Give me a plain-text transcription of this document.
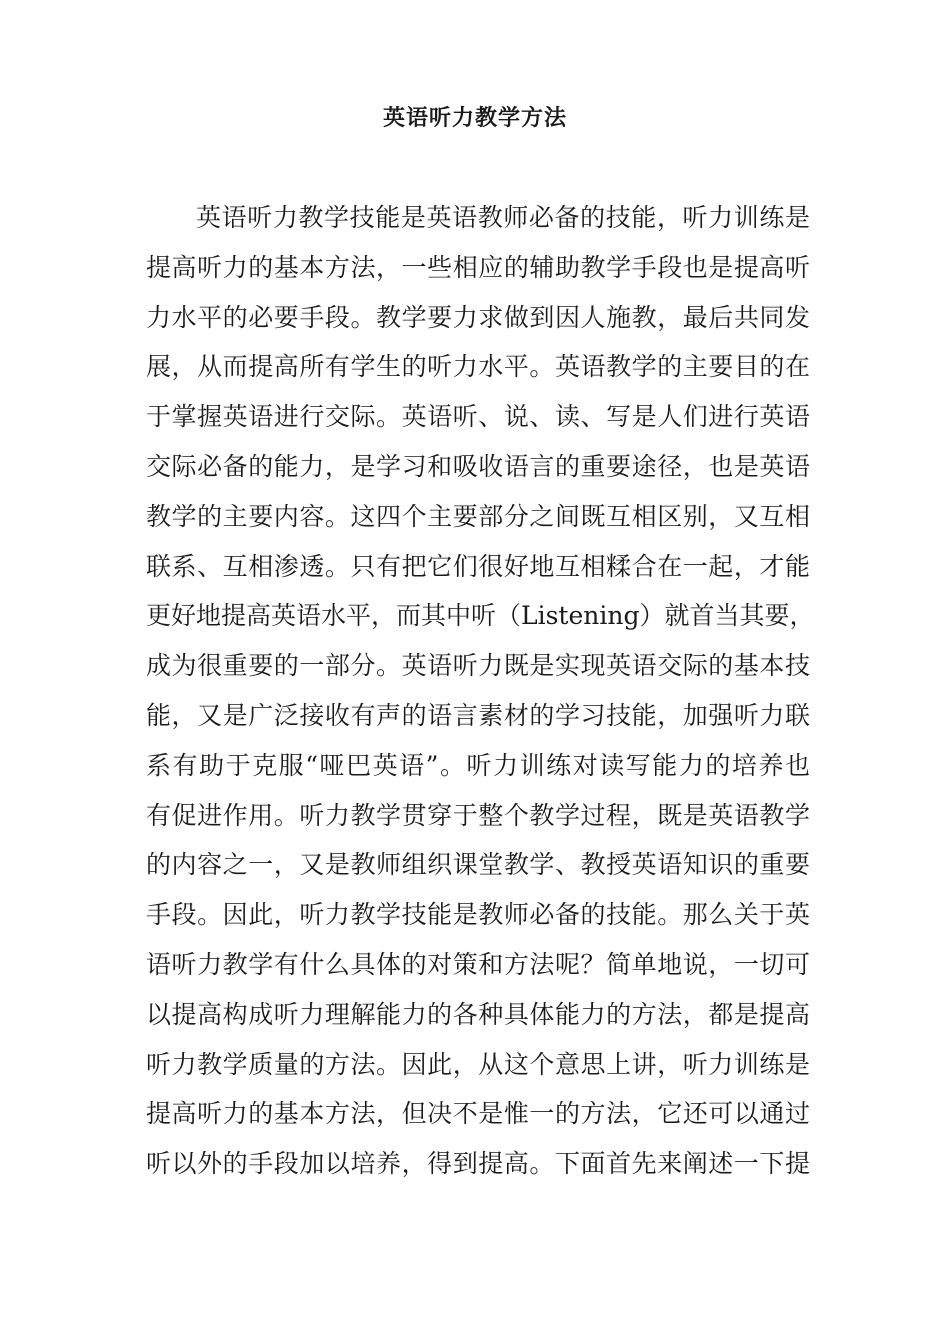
英语听力教学方法
英语听力教学技能是英语教师必备的技能，听力训练是
提高听力的基本方法，一些相应的辅助教学手段也是提高听
力水平的必要手段。教学要力求做到因人施教，最后共同发
展，从而提高所有学生的听力水平。英语教学的主要目的在
于掌握英语进行交际。英语听、说、读、写是人们进行英语
交际必备的能力，是学习和吸收语言的重要途径，也是英语
教学的主要内容。这四个主要部分之间既互相区别，又互相
联系、互相渗透。只有把它们很好地互相糅合在一起，才能
更好地提高英语水平，而其中听（Listening）就首当其要，
成为很重要的一部分。英语听力既是实现英语交际的基本技
能，又是广泛接收有声的语言素材的学习技能，加强听力联
系有助于克服“哑巴英语”。听力训练对读写能力的培养也
有促进作用。听力教学贯穿于整个教学过程，既是英语教学
的内容之一，又是教师组织课堂教学、教授英语知识的重要
手段。因此，听力教学技能是教师必备的技能。那么关于英
语听力教学有什么具体的对策和方法呢？简单地说，一切可
以提高构成听力理解能力的各种具体能力的方法，都是提高
听力教学质量的方法。因此，从这个意思上讲，听力训练是
提高听力的基本方法，但决不是惟一的方法，它还可以通过
听以外的手段加以培养，得到提高。下面首先来阐述一下提
